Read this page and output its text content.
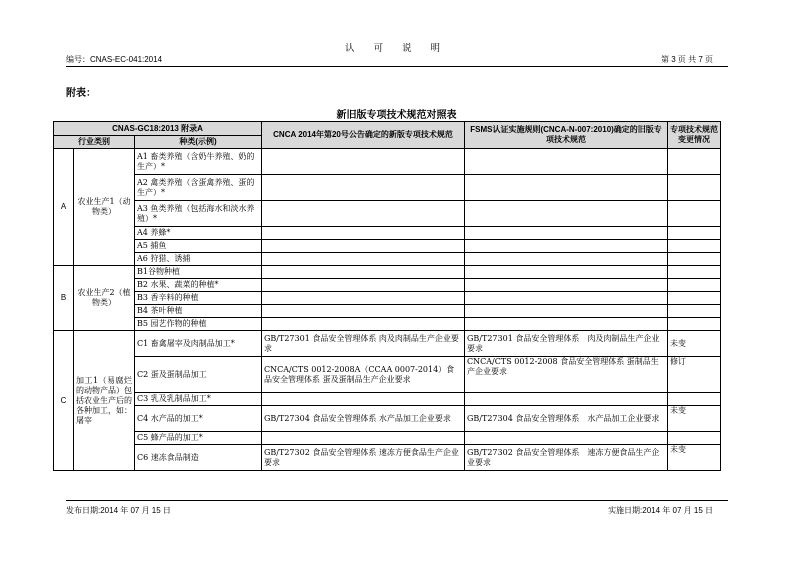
认 可 说 明
编号：CNAS-EC-041:2014	第 3 页 共 7 页
附表：
新旧版专项技术规范对照表
CNAS-GC18:2013 附录A			CNCA 2014年第20号公告确定的新版专项技术规范	FSMS认证实施规则(CNCA-N-007:2010)确定的旧版专项技术规范	专项技术规范变更情况
行业类别		种类(示例)			
A	农业生产1（动物类）	A1 畜类养殖（含奶牛养殖、奶的生产）*			
		A2 禽类养殖（含蛋禽养殖、蛋的生产）*			
		A3 鱼类养殖（包括海水和淡水养殖）*			
		A4 养蜂*			
		A5 捕鱼			
		A6 狩猎、诱捕			
B	农业生产2（植物类）	B1谷物种植			
		B2 水果、蔬菜的种植*			
		B3 香辛料的种植			
		B4 茶叶种植			
		B5 园艺作物的种植			
C	加工1（易腐烂的动物产品）包括农业生产后的各种加工，如：屠宰	C1 畜禽屠宰及肉制品加工*	GB/T27301 食品安全管理体系 肉及肉制品生产企业要求	GB/T27301 食品安全管理体系　肉及肉制品生产企业要求	未变
		C2 蛋及蛋制品加工	CNCA/CTS 0012-2008A（CCAA 0007-2014）食品安全管理体系 蛋及蛋制品生产企业要求	CNCA/CTS 0012-2008 食品安全管理体系 蛋制品生产企业要求	修订
		C3 乳及乳制品加工*			
		C4 水产品的加工*	GB/T27304 食品安全管理体系 水产品加工企业要求	GB/T27304 食品安全管理体系　水产品加工企业要求	未变
		C5 蜂产品的加工*			
		C6 速冻食品制造	GB/T27302 食品安全管理体系 速冻方便食品生产企业要求	GB/T27302 食品安全管理体系　速冻方便食品生产企业要求	未变
发布日期:2014 年 07 月 15 日	实施日期:2014 年 07 月 15 日
